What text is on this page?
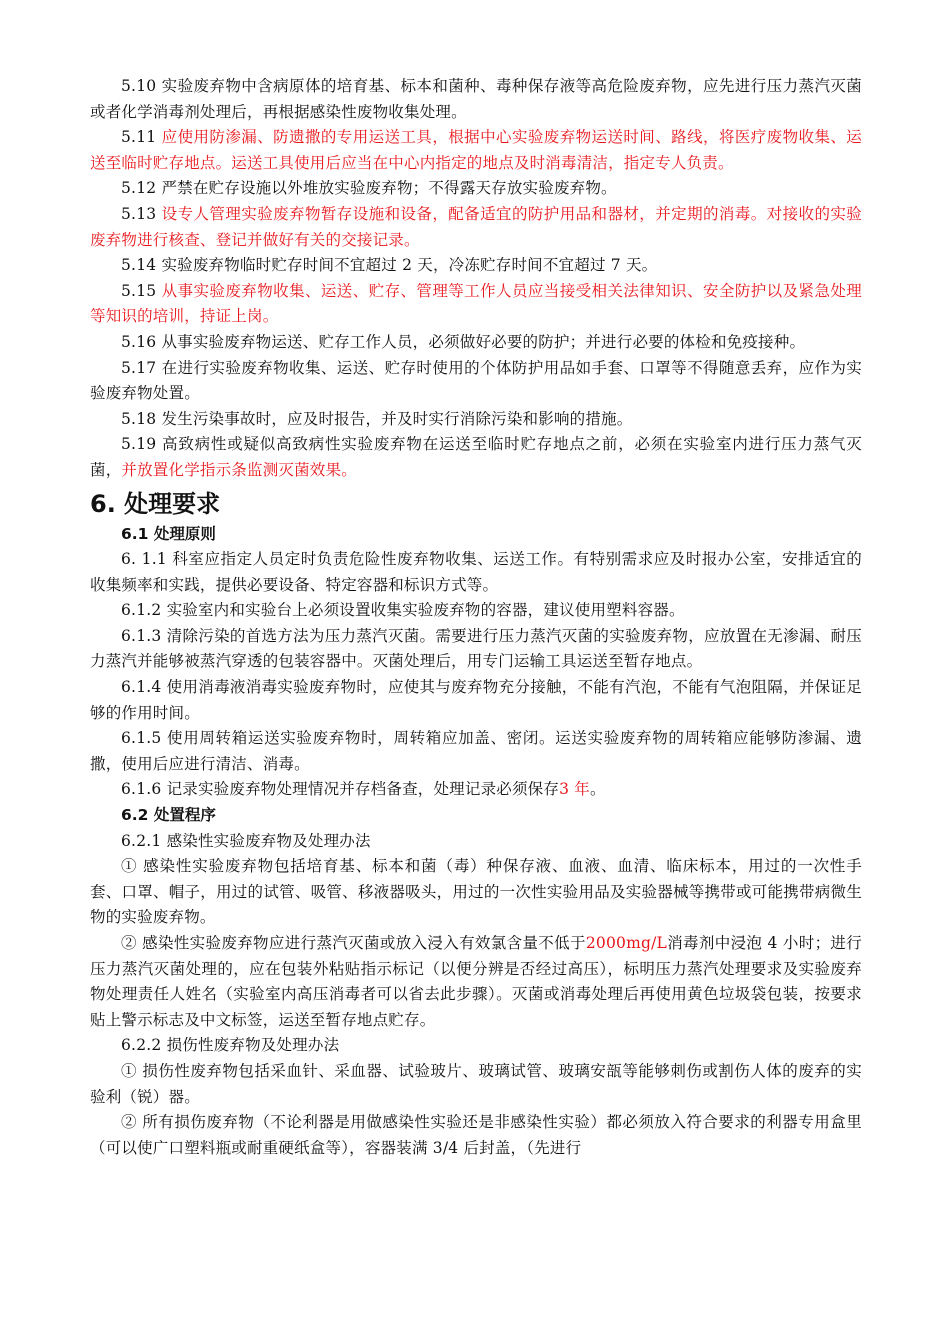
5.10 实验废弃物中含病原体的培育基、标本和菌种、毒种保存液等高危险废弃物，应先进行压力蒸汽灭菌或者化学消毒剂处理后，再根据感染性废物收集处理。

5.11 应使用防渗漏、防遗撒的专用运送工具，根据中心实验废弃物运送时间、路线，将医疗废物收集、运送至临时贮存地点。运送工具使用后应当在中心内指定的地点及时消毒清洁，指定专人负责。

5.12 严禁在贮存设施以外堆放实验废弃物；不得露天存放实验废弃物。

5.13 设专人管理实验废弃物暂存设施和设备，配备适宜的防护用品和器材，并定期的消毒。对接收的实验废弃物进行核查、登记并做好有关的交接记录。

5.14 实验废弃物临时贮存时间不宜超过 2 天，冷冻贮存时间不宜超过 7 天。

5.15 从事实验废弃物收集、运送、贮存、管理等工作人员应当接受相关法律知识、安全防护以及紧急处理等知识的培训，持证上岗。

5.16 从事实验废弃物运送、贮存工作人员，必须做好必要的防护；并进行必要的体检和免疫接种。

5.17 在进行实验废弃物收集、运送、贮存时使用的个体防护用品如手套、口罩等不得随意丢弃，应作为实验废弃物处置。

5.18 发生污染事故时，应及时报告，并及时实行消除污染和影响的措施。

5.19 高致病性或疑似高致病性实验废弃物在运送至临时贮存地点之前，必须在实验室内进行压力蒸气灭菌，并放置化学指示条监测灭菌效果。

6. 处理要求
6.1 处理原则

6. 1.1 科室应指定人员定时负责危险性废弃物收集、运送工作。有特别需求应及时报办公室，安排适宜的收集频率和实践，提供必要设备、特定容器和标识方式等。

6.1.2 实验室内和实验台上必须设置收集实验废弃物的容器，建议使用塑料容器。

6.1.3 清除污染的首选方法为压力蒸汽灭菌。需要进行压力蒸汽灭菌的实验废弃物，应放置在无渗漏、耐压力蒸汽并能够被蒸汽穿透的包装容器中。灭菌处理后，用专门运输工具运送至暂存地点。

6.1.4 使用消毒液消毒实验废弃物时，应使其与废弃物充分接触，不能有汽泡，不能有气泡阻隔，并保证足够的作用时间。

6.1.5 使用周转箱运送实验废弃物时，周转箱应加盖、密闭。运送实验废弃物的周转箱应能够防渗漏、遗撒，使用后应进行清洁、消毒。

6.1.6 记录实验废弃物处理情况并存档备查，处理记录必须保存3 年。

6.2 处置程序

6.2.1 感染性实验废弃物及处理办法

① 感染性实验废弃物包括培育基、标本和菌（毒）种保存液、血液、血清、临床标本，用过的一次性手套、口罩、帽子，用过的试管、吸管、移液器吸头，用过的一次性实验用品及实验器械等携带或可能携带病微生物的实验废弃物。

② 感染性实验废弃物应进行蒸汽灭菌或放入浸入有效氯含量不低于2000mg/L消毒剂中浸泡 4 小时；进行压力蒸汽灭菌处理的，应在包装外粘贴指示标记（以便分辨是否经过高压），标明压力蒸汽处理要求及实验废弃物处理责任人姓名（实验室内高压消毒者可以省去此步骤）。灭菌或消毒处理后再使用黄色垃圾袋包装，按要求贴上警示标志及中文标签，运送至暂存地点贮存。

6.2.2 损伤性废弃物及处理办法

① 损伤性废弃物包括采血针、采血器、试验玻片、玻璃试管、玻璃安瓿等能够刺伤或割伤人体的废弃的实验利（锐）器。

② 所有损伤废弃物（不论利器是用做感染性实验还是非感染性实验）都必须放入符合要求的利器专用盒里（可以使广口塑料瓶或耐重硬纸盒等），容器装满 3/4 后封盖，（先进行
